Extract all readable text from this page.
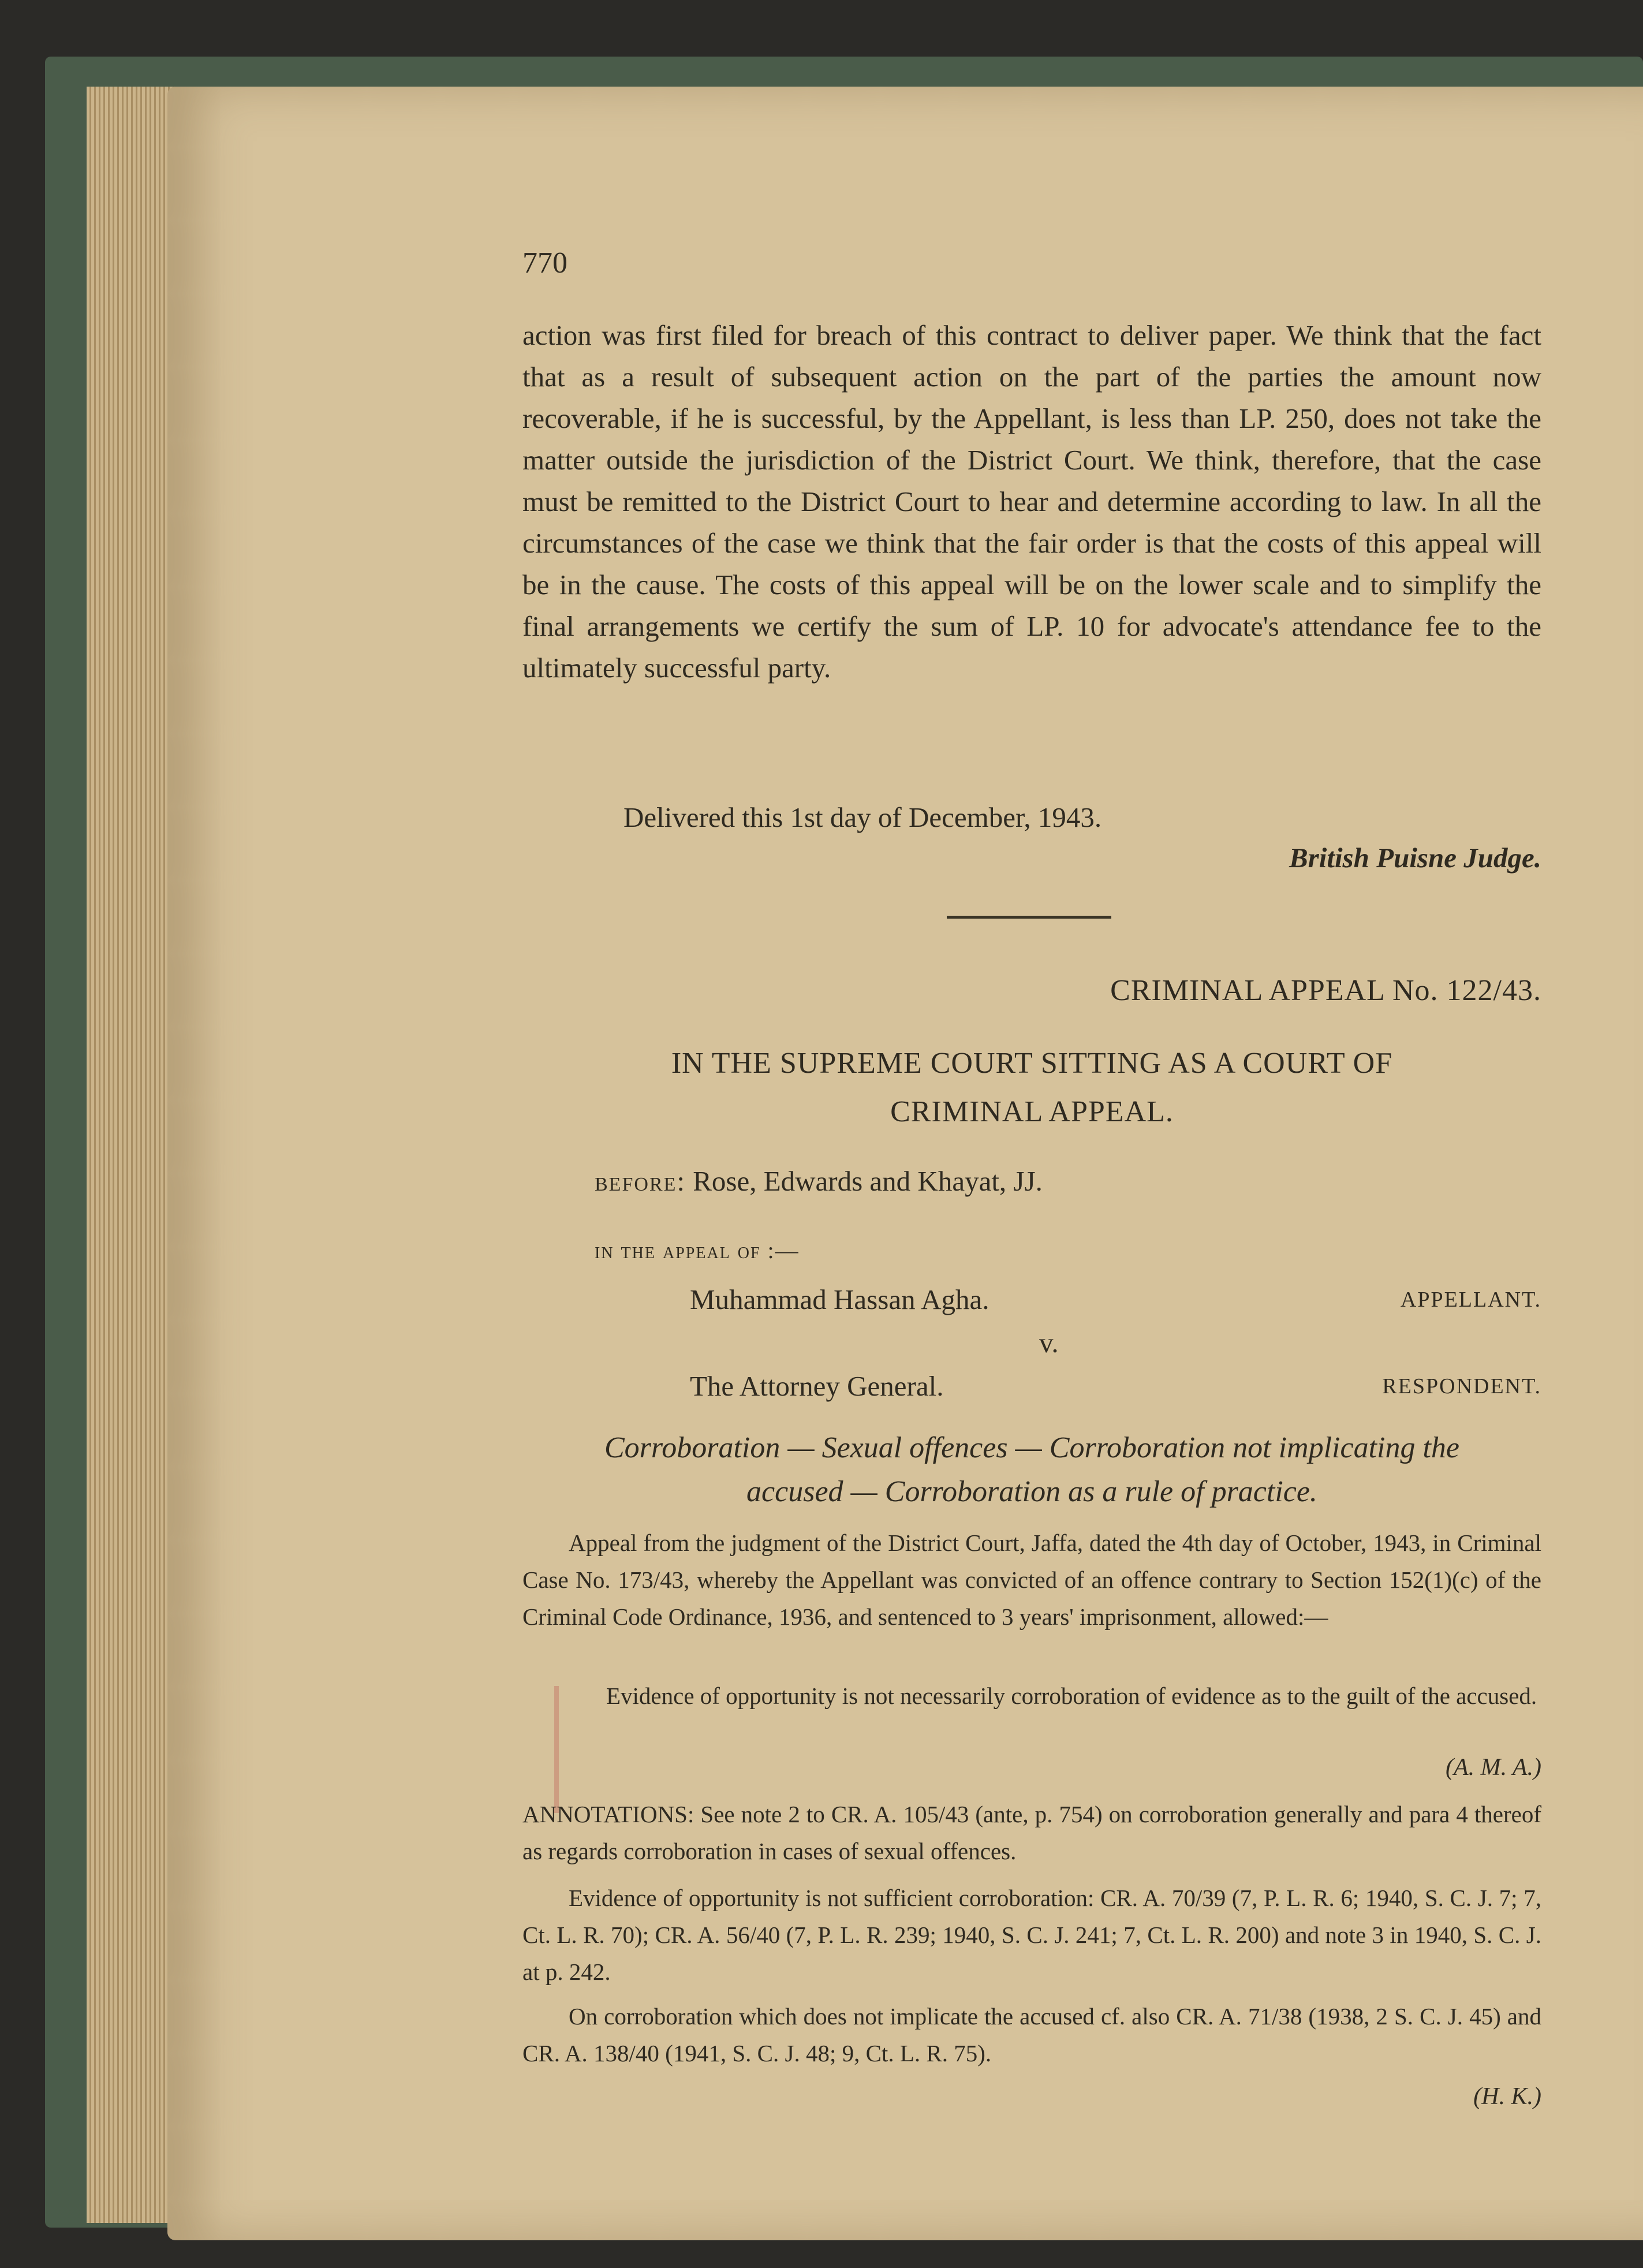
770

action was first filed for breach of this contract to deliver paper. We think that the fact that as a result of subsequent action on the part of the parties the amount now recoverable, if he is successful, by the Appellant, is less than LP. 250, does not take the matter outside the jurisdiction of the District Court. We think, therefore, that the case must be remitted to the District Court to hear and determine according to law. In all the circumstances of the case we think that the fair order is that the costs of this appeal will be in the cause. The costs of this appeal will be on the lower scale and to simplify the final arrangements we certify the sum of LP. 10 for advocate's attendance fee to the ultimately successful party.

Delivered this 1st day of December, 1943.
British Puisne Judge.
CRIMINAL APPEAL No. 122/43.
IN THE SUPREME COURT SITTING AS A COURT OF
CRIMINAL APPEAL.
before: Rose, Edwards and Khayat, JJ.
in the appeal of :—
Muhammad Hassan Agha.	APPELLANT.
v.
The Attorney General.	RESPONDENT.
Corroboration — Sexual offences — Corroboration not implicating the
accused — Corroboration as a rule of practice.

Appeal from the judgment of the District Court, Jaffa, dated the 4th day of October, 1943, in Criminal Case No. 173/43, whereby the Appellant was convicted of an offence contrary to Section 152(1)(c) of the Criminal Code Ordinance, 1936, and sentenced to 3 years' imprisonment, allowed:—

Evidence of opportunity is not necessarily corroboration of evidence as to the guilt of the accused.

(A. M. A.)

ANNOTATIONS: See note 2 to CR. A. 105/43 (ante, p. 754) on corroboration generally and para 4 thereof as regards corroboration in cases of sexual offences.

Evidence of opportunity is not sufficient corroboration: CR. A. 70/39 (7, P. L. R. 6; 1940, S. C. J. 7; 7, Ct. L. R. 70); CR. A. 56/40 (7, P. L. R. 239; 1940, S. C. J. 241; 7, Ct. L. R. 200) and note 3 in 1940, S. C. J. at p. 242.

On corroboration which does not implicate the accused cf. also CR. A. 71/38 (1938, 2 S. C. J. 45) and CR. A. 138/40 (1941, S. C. J. 48; 9, Ct. L. R. 75).

(H. K.)
